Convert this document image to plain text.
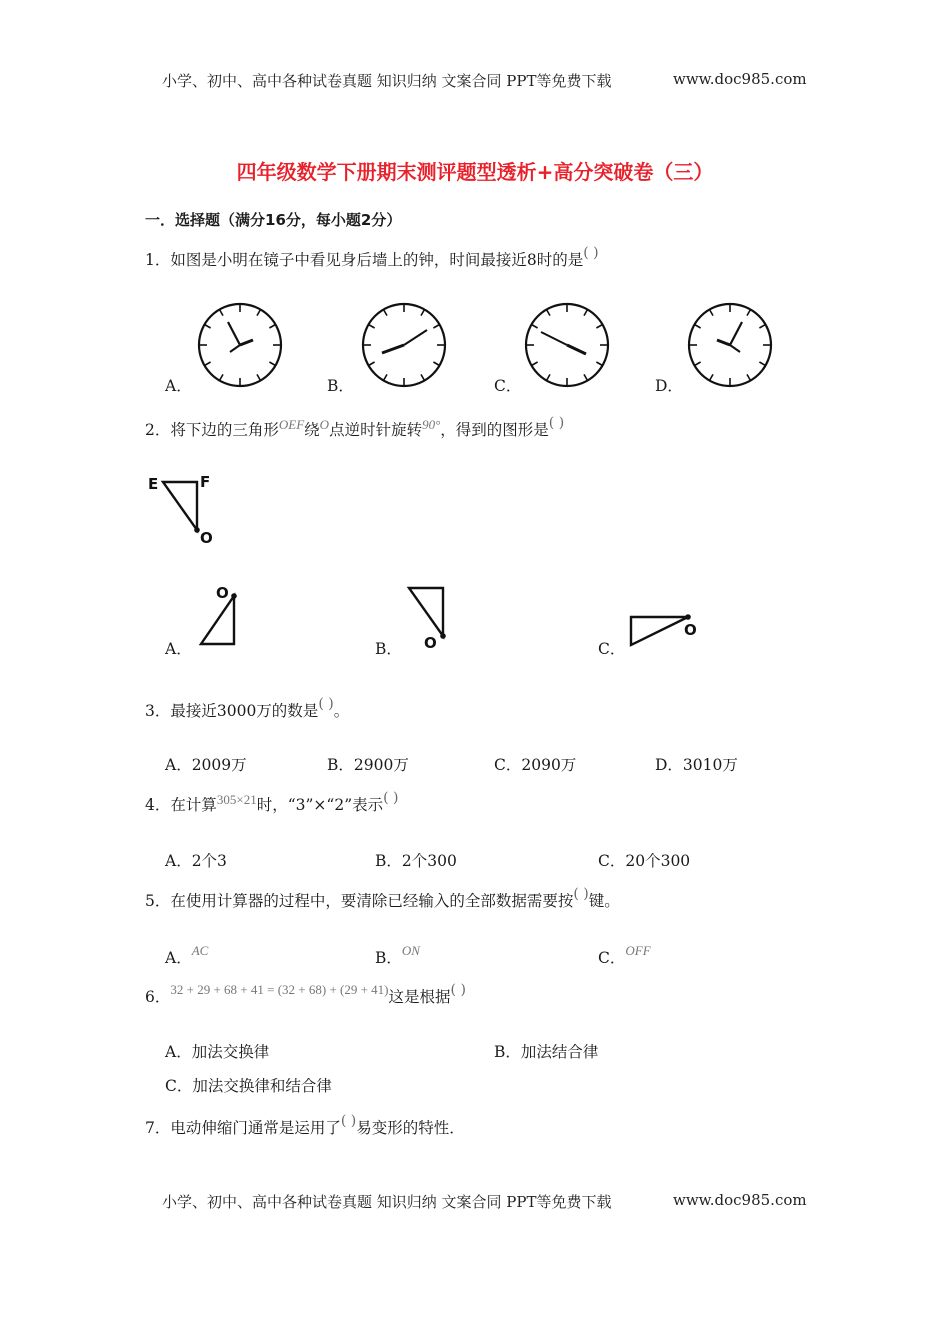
小学、初中、高中各种试卷真题 知识归纳 文案合同 PPT等免费下载	www.doc985.com
四年级数学下册期末测评题型透析+高分突破卷（三）
一．选择题（满分16分，每小题2分）
1．如图是小明在镜子中看见身后墙上的钟，时间最接近8时的是( )
A．	B．	C．	D．
2．将下边的三角形$^{OEF}$绕$^O$点逆时针旋转$^{90^\circ}$，得到的图形是( )
E	F
O
O
O
O
A．	B．	C．
3．最接近3000万的数是( )。
A．2009万	B．2900万	C．2090万	D．3010万
4．在计算$^{305\times 21}$时，“3”×“2”表示( )
A．2个3	B．2个300	C．20个300
5．在使用计算器的过程中，要清除已经输入的全部数据需要按( )键。
A．$^{AC}$	B．$^{ON}$	C．$^{OFF}$
6．$^{32 + 29 + 68 + 41 = (32 + 68) + (29 + 41)}$这是根据( )
A．加法交换律	B．加法结合律
C．加法交换律和结合律
7．电动伸缩门通常是运用了( )易变形的特性．
小学、初中、高中各种试卷真题 知识归纳 文案合同 PPT等免费下载	www.doc985.com
